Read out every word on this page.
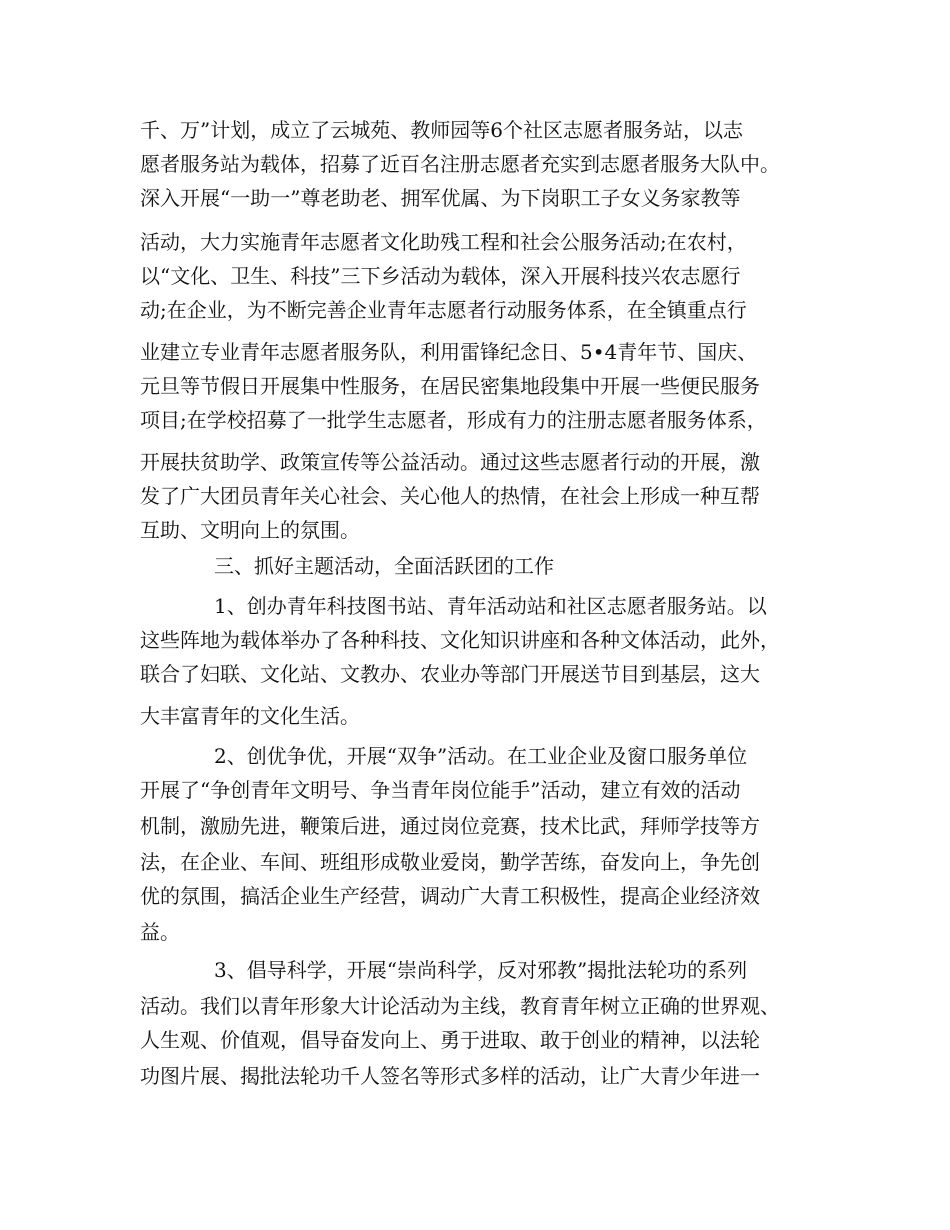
千、万”计划，成立了云城苑、教师园等6个社区志愿者服务站，以志
愿者服务站为载体，招募了近百名注册志愿者充实到志愿者服务大队中。
深入开展“一助一”尊老助老、拥军优属、为下岗职工子女义务家教等
活动，大力实施青年志愿者文化助残工程和社会公服务活动;在农村，
以“文化、卫生、科技”三下乡活动为载体，深入开展科技兴农志愿行
动;在企业，为不断完善企业青年志愿者行动服务体系，在全镇重点行
业建立专业青年志愿者服务队，利用雷锋纪念日、5•4青年节、国庆、
元旦等节假日开展集中性服务，在居民密集地段集中开展一些便民服务
项目;在学校招募了一批学生志愿者，形成有力的注册志愿者服务体系，
开展扶贫助学、政策宣传等公益活动。通过这些志愿者行动的开展，激
发了广大团员青年关心社会、关心他人的热情，在社会上形成一种互帮
互助、文明向上的氛围。
三、抓好主题活动，全面活跃团的工作
1、创办青年科技图书站、青年活动站和社区志愿者服务站。以
这些阵地为载体举办了各种科技、文化知识讲座和各种文体活动，此外，
联合了妇联、文化站、文教办、农业办等部门开展送节目到基层，这大
大丰富青年的文化生活。
2、创优争优，开展“双争”活动。在工业企业及窗口服务单位
开展了“争创青年文明号、争当青年岗位能手”活动，建立有效的活动
机制，激励先进，鞭策后进，通过岗位竞赛，技术比武，拜师学技等方
法，在企业、车间、班组形成敬业爱岗，勤学苦练，奋发向上，争先创
优的氛围，搞活企业生产经营，调动广大青工积极性，提高企业经济效
益。
3、倡导科学，开展“崇尚科学，反对邪教”揭批法轮功的系列
活动。我们以青年形象大计论活动为主线，教育青年树立正确的世界观、
人生观、价值观，倡导奋发向上、勇于进取、敢于创业的精神，以法轮
功图片展、揭批法轮功千人签名等形式多样的活动，让广大青少年进一
